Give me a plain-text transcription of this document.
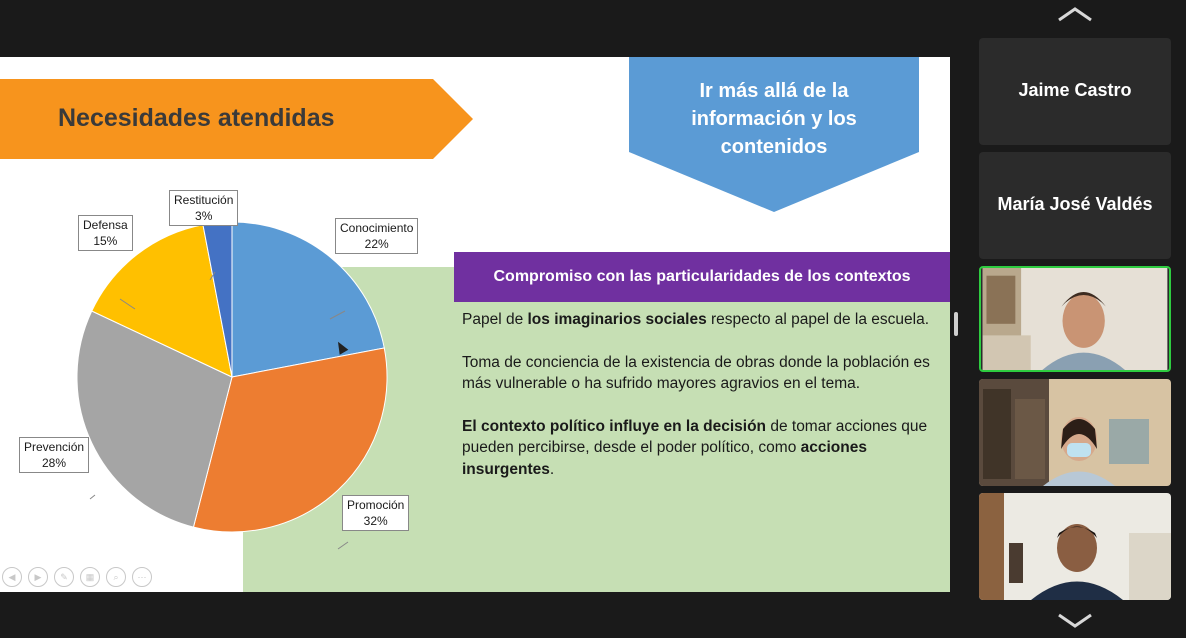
Necesidades atendidas
Ir más allá de la
información y los
contenidos
Conocimiento
22%
Promoción
32%
Prevención
28%
Defensa
15%
Restitución
3%
Compromiso con las particularidades de los contextos

Papel de los imaginarios sociales respecto al papel de la escuela.

Toma de conciencia de la existencia de obras donde la población es más vulnerable o ha sufrido mayores agravios en el tema.

El contexto político influye en la decisión de tomar acciones que pueden percibirse, desde el poder político, como acciones insurgentes.

◀	▶	✎	▦	⌕	⋯
Jaime Castro
María José Valdés
